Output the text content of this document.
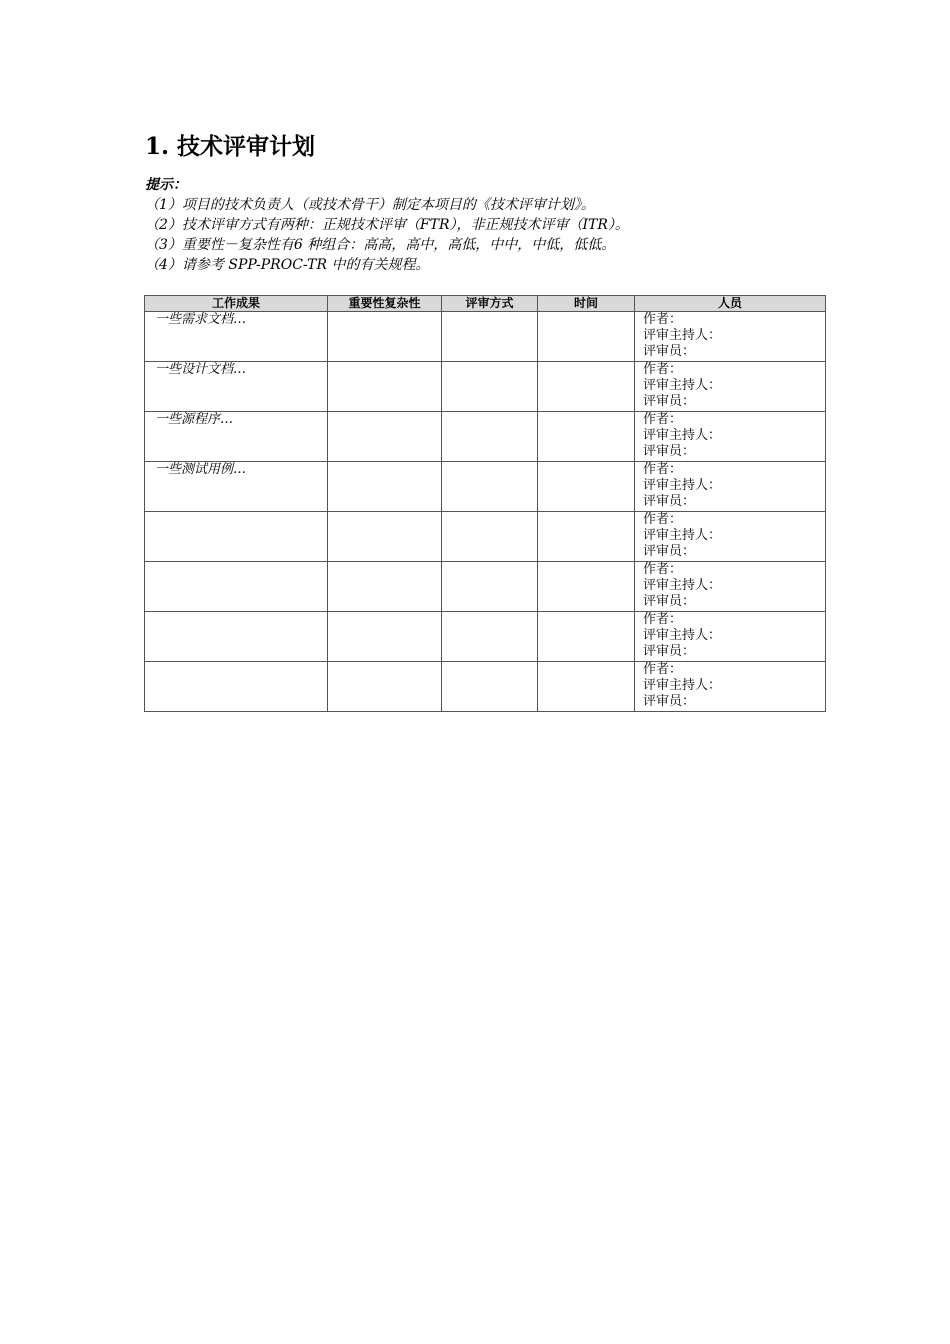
1. 技术评审计划
提示：
（1）项目的技术负责人（或技术骨干）制定本项目的《技术评审计划》。
（2）技术评审方式有两种：正规技术评审（FTR），非正规技术评审（ITR）。
（3）重要性－复杂性有6 种组合：高高，高中，高低，中中，中低，低低。
（4）请参考 SPP-PROC-TR 中的有关规程。
工作成果	重要性复杂性	评审方式	时间	人员
一些需求文档…				作者：
评审主持人：
评审员：

一些设计文档…				作者：
评审主持人：
评审员：

一些源程序…				作者：
评审主持人：
评审员：

一些测试用例…				作者：
评审主持人：
评审员：

				作者：
评审主持人：
评审员：

				作者：
评审主持人：
评审员：

				作者：
评审主持人：
评审员：

				作者：
评审主持人：
评审员：
